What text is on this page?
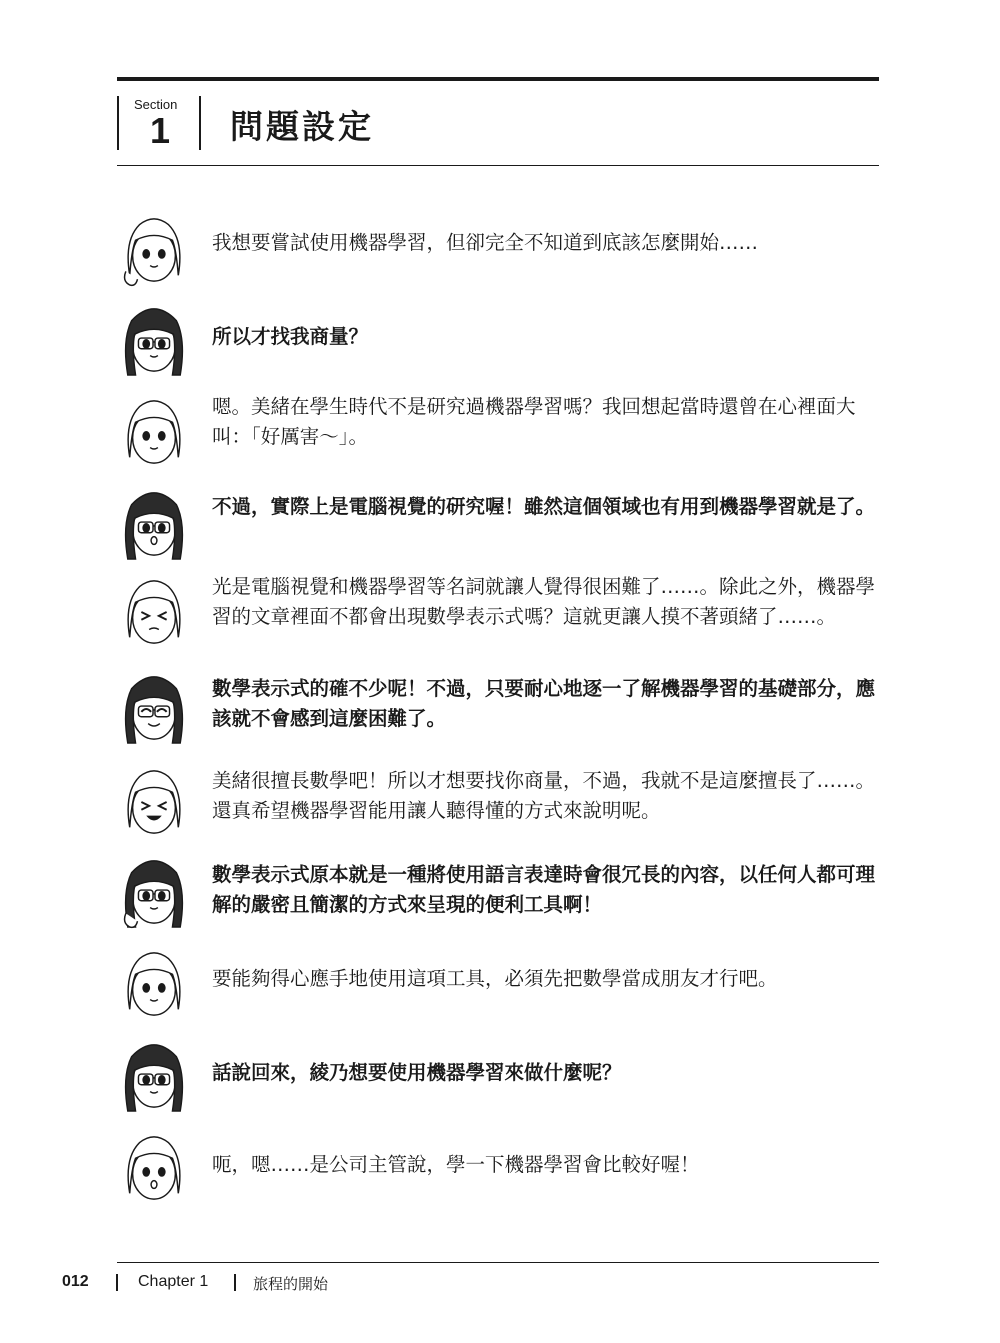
Section
1 問題設定
我想要嘗試使用機器學習，但卻完全不知道到底該怎麼開始……
所以才找我商量？
嗯。美緒在學生時代不是研究過機器學習嗎？我回想起當時還曾在心裡面大叫：「好厲害～」。
不過，實際上是電腦視覺的研究喔！雖然這個領域也有用到機器學習就是了。
光是電腦視覺和機器學習等名詞就讓人覺得很困難了……。除此之外，機器學習的文章裡面不都會出現數學表示式嗎？這就更讓人摸不著頭緒了……。
數學表示式的確不少呢！不過，只要耐心地逐一了解機器學習的基礎部分，應該就不會感到這麼困難了。
美緒很擅長數學吧！所以才想要找你商量，不過，我就不是這麼擅長了……。還真希望機器學習能用讓人聽得懂的方式來說明呢。
數學表示式原本就是一種將使用語言表達時會很冗長的內容，以任何人都可理解的嚴密且簡潔的方式來呈現的便利工具啊！
要能夠得心應手地使用這項工具，必須先把數學當成朋友才行吧。
話說回來，綾乃想要使用機器學習來做什麼呢？
呃，嗯……是公司主管說，學一下機器學習會比較好喔！
012	Chapter 1	旅程的開始
